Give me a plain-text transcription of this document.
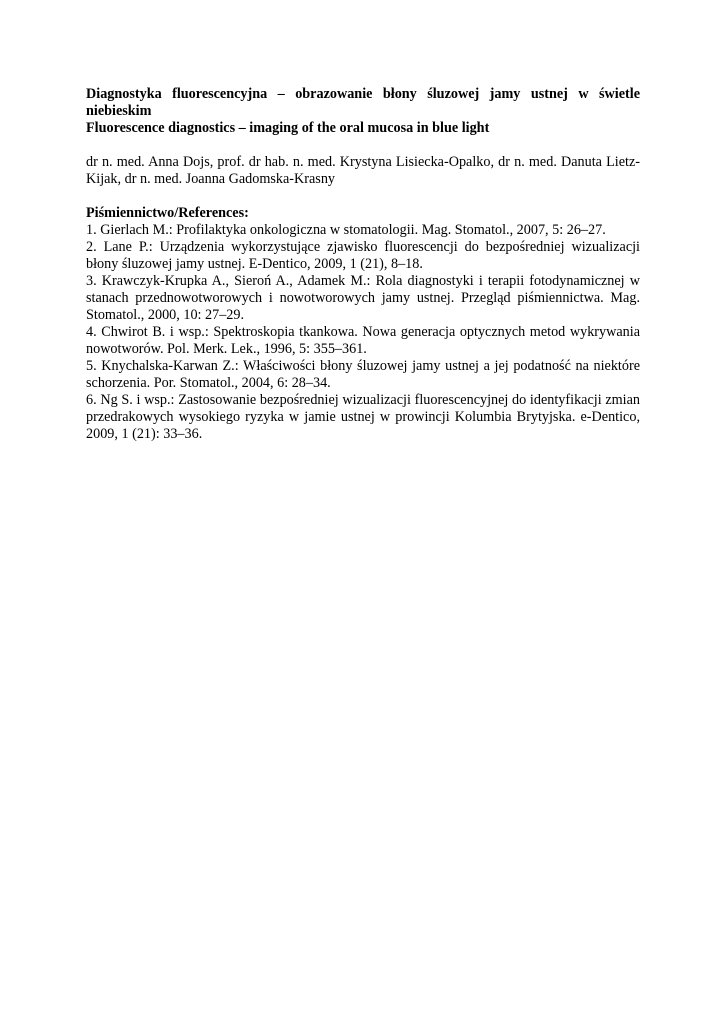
Diagnostyka fluorescencyjna – obrazowanie błony śluzowej jamy ustnej w świetle niebieskim
Fluorescence diagnostics – imaging of the oral mucosa in blue light
dr n. med. Anna Dojs, prof. dr hab. n. med. Krystyna Lisiecka-Opalko, dr n. med. Danuta Lietz-Kijak, dr n. med. Joanna Gadomska-Krasny
Piśmiennictwo/References:
1. Gierlach M.: Profilaktyka onkologiczna w stomatologii. Mag. Stomatol., 2007, 5: 26–27.
2. Lane P.: Urządzenia wykorzystujące zjawisko fluorescencji do bezpośredniej wizualizacji błony śluzowej jamy ustnej. E-Dentico, 2009, 1 (21), 8–18.
3. Krawczyk-Krupka A., Sieroń A., Adamek M.: Rola diagnostyki i terapii fotodynamicznej w stanach przednowotworowych i nowotworowych jamy ustnej. Przegląd piśmiennictwa. Mag. Stomatol., 2000, 10: 27–29.
4. Chwirot B. i wsp.: Spektroskopia tkankowa. Nowa generacja optycznych metod wykrywania nowotworów. Pol. Merk. Lek., 1996, 5: 355–361.
5. Knychalska-Karwan Z.: Właściwości błony śluzowej jamy ustnej a jej podatność na niektóre schorzenia. Por. Stomatol., 2004, 6: 28–34.
6. Ng S. i wsp.: Zastosowanie bezpośredniej wizualizacji fluorescencyjnej do identyfikacji zmian przedrakowych wysokiego ryzyka w jamie ustnej w prowincji Kolumbia Brytyjska. e-Dentico, 2009, 1 (21): 33–36.
